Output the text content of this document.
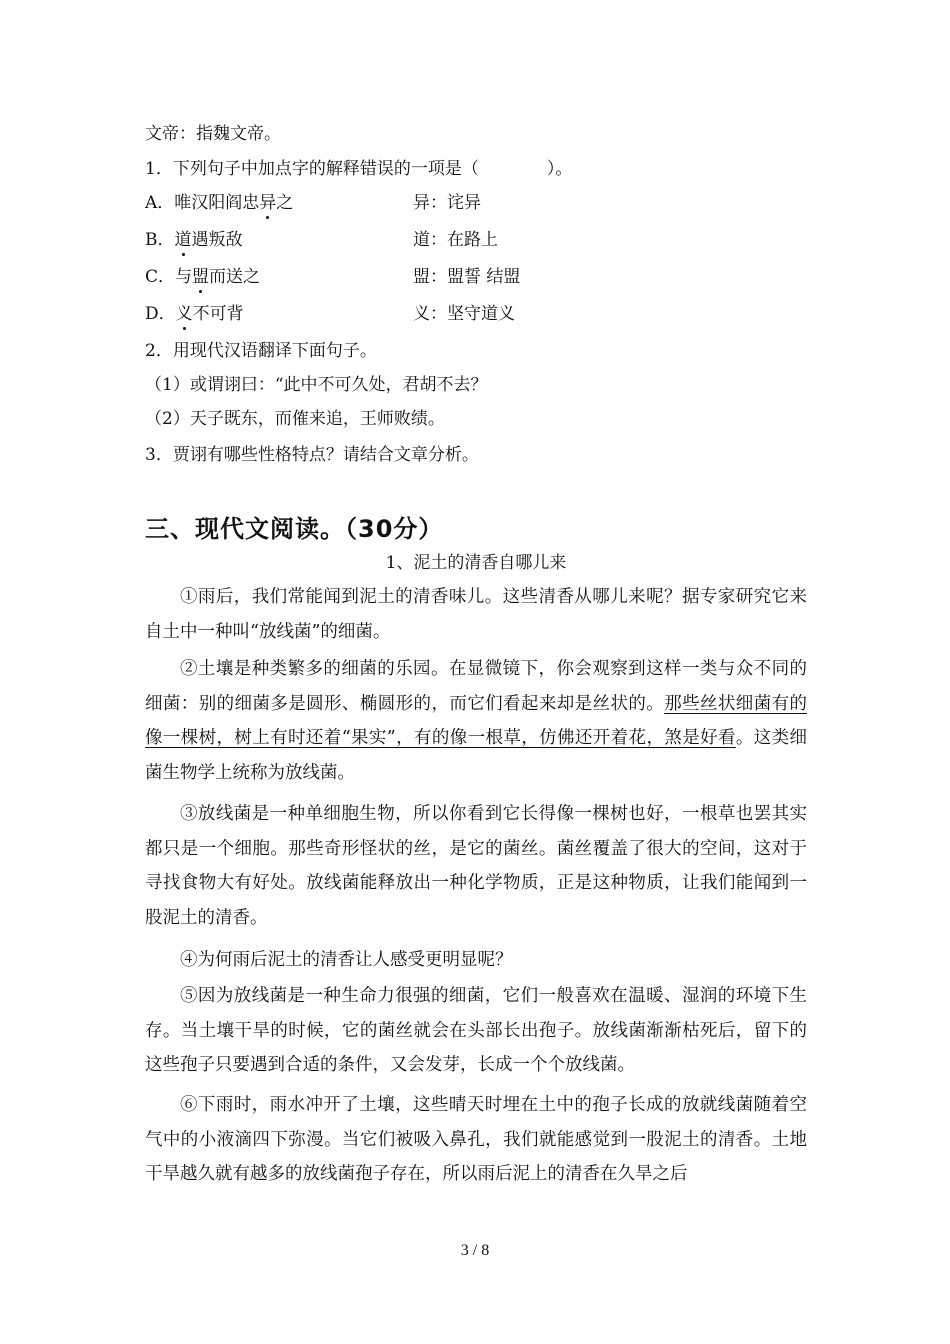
文帝：指魏文帝。
1．下列句子中加点字的解释错误的一项是（　　　　）。
A．唯汉阳阎忠异之	异：诧异
B．道遇叛敌	道：在路上
C．与盟而送之	盟：盟誓 结盟
D．义不可背	义：坚守道义
2．用现代汉语翻译下面句子。
（1）或谓诩曰：“此中不可久处，君胡不去？
（2）天子既东，而傕来追，王师败绩。
3．贾诩有哪些性格特点？请结合文章分析。
三、现代文阅读。（30分）
1、泥土的清香自哪儿来
①雨后，我们常能闻到泥土的清香味儿。这些清香从哪儿来呢？据专家研究它来自土中一种叫“放线菌”的细菌。
②土壤是种类繁多的细菌的乐园。在显微镜下，你会观察到这样一类与众不同的细菌：别的细菌多是圆形、椭圆形的，而它们看起来却是丝状的。那些丝状细菌有的像一棵树，树上有时还着“果实”，有的像一根草，仿佛还开着花，煞是好看。这类细菌生物学上统称为放线菌。
③放线菌是一种单细胞生物，所以你看到它长得像一棵树也好，一根草也罢其实都只是一个细胞。那些奇形怪状的丝，是它的菌丝。菌丝覆盖了很大的空间，这对于寻找食物大有好处。放线菌能释放出一种化学物质，正是这种物质，让我们能闻到一股泥土的清香。
④为何雨后泥土的清香让人感受更明显呢？
⑤因为放线菌是一种生命力很强的细菌，它们一般喜欢在温暖、湿润的环境下生存。当土壤干旱的时候，它的菌丝就会在头部长出孢子。放线菌渐渐枯死后，留下的这些孢子只要遇到合适的条件，又会发芽，长成一个个放线菌。
⑥下雨时，雨水冲开了土壤，这些晴天时埋在土中的孢子长成的放就线菌随着空气中的小液滴四下弥漫。当它们被吸入鼻孔，我们就能感觉到一股泥土的清香。土地干旱越久就有越多的放线菌孢子存在，所以雨后泥上的清香在久旱之后
3 / 8
